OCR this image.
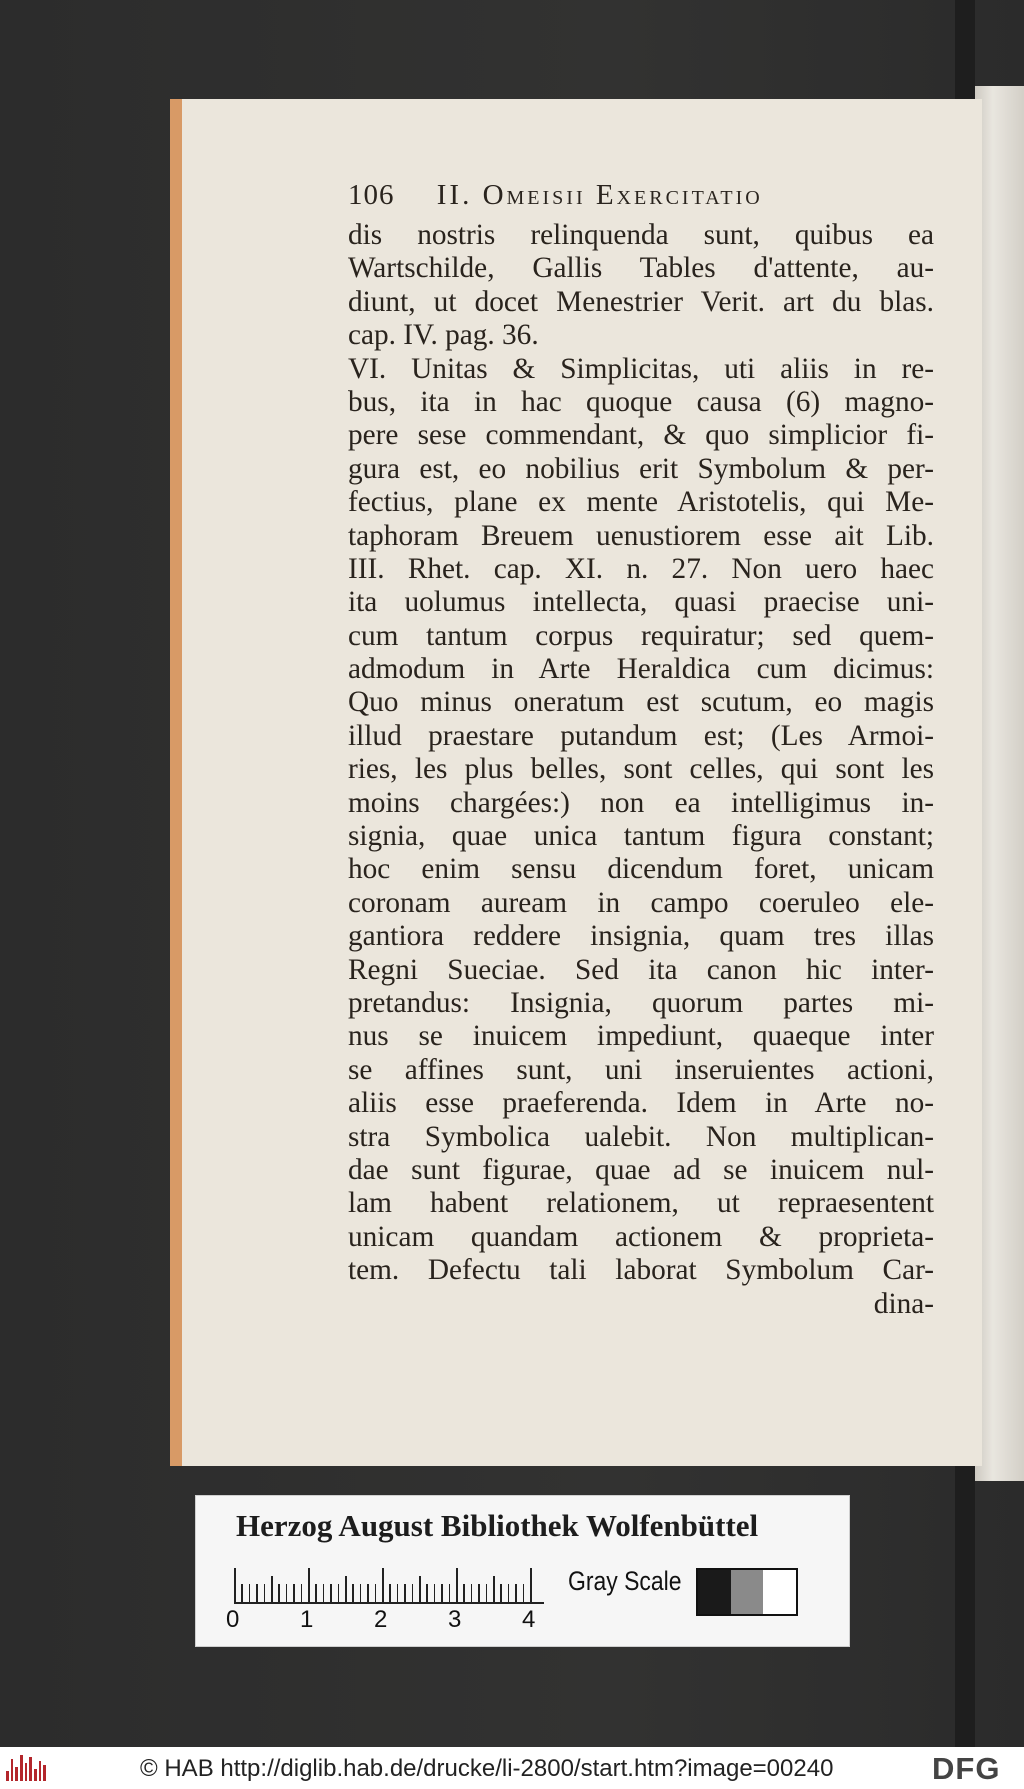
106 II. Omeisii Exercitatio
dis nostris relinquenda sunt, quibus ea
Wartschilde, Gallis Tables d'attente, au-
diunt, ut docet Menestrier Verit. art du blas.
cap. IV. pag. 36.
VI. Unitas & Simplicitas, uti aliis in re-
bus, ita in hac quoque causa (6) magno-
pere sese commendant, & quo simplicior fi-
gura est, eo nobilius erit Symbolum & per-
fectius, plane ex mente Aristotelis, qui Me-
taphoram Breuem uenustiorem esse ait Lib.
III. Rhet. cap. XI. n. 27. Non uero haec
ita uolumus intellecta, quasi praecise uni-
cum tantum corpus requiratur; sed quem-
admodum in Arte Heraldica cum dicimus:
Quo minus oneratum est scutum, eo magis
illud praestare putandum est; (Les Armoi-
ries, les plus belles, sont celles, qui sont les
moins chargées:) non ea intelligimus in-
signia, quae unica tantum figura constant;
hoc enim sensu dicendum foret, unicam
coronam auream in campo coeruleo ele-
gantiora reddere insignia, quam tres illas
Regni Sueciae. Sed ita canon hic inter-
pretandus: Insignia, quorum partes mi-
nus se inuicem impediunt, quaeque inter
se affines sunt, uni inseruientes actioni,
aliis esse praeferenda. Idem in Arte no-
stra Symbolica ualebit. Non multiplican-
dae sunt figurae, quae ad se inuicem nul-
lam habent relationem, ut repraesentent
unicam quandam actionem & proprieta-
tem. Defectu tali laborat Symbolum Car-
dina-
Herzog August Bibliothek Wolfenbüttel
0	1	2	3	4
Gray Scale
© HAB http://diglib.hab.de/drucke/li-2800/start.htm?image=00240	DFG
